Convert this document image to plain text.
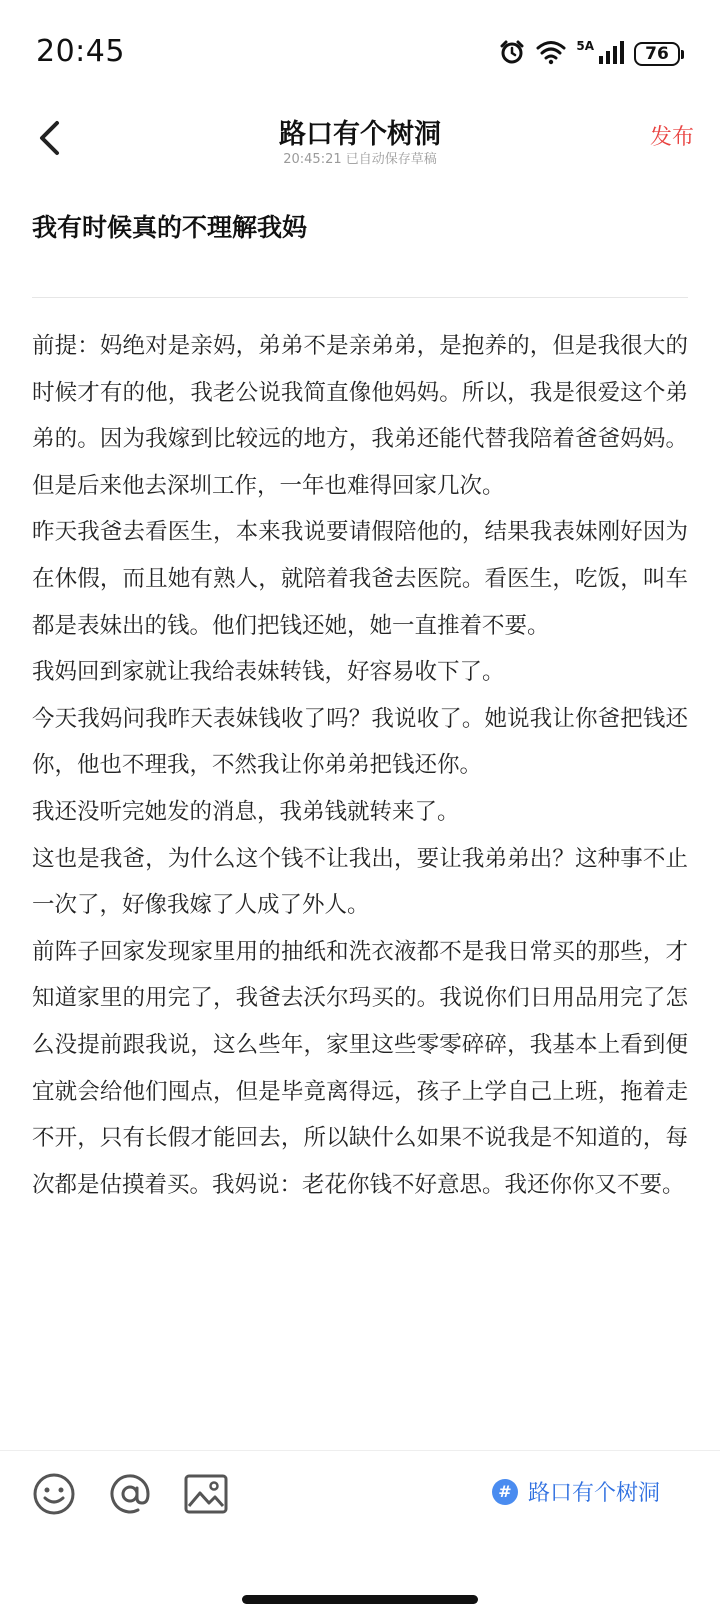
20:45	5A	76
路口有个树洞
20:45:21 已自动保存草稿
发布
我有时候真的不理解我妈

前提：妈绝对是亲妈，弟弟不是亲弟弟，是抱养的，但是我很大的时候才有的他，我老公说我简直像他妈妈。所以，我是很爱这个弟弟的。因为我嫁到比较远的地方，我弟还能代替我陪着爸爸妈妈。但是后来他去深圳工作，一年也难得回家几次。

昨天我爸去看医生，本来我说要请假陪他的，结果我表妹刚好因为在休假，而且她有熟人，就陪着我爸去医院。看医生，吃饭，叫车都是表妹出的钱。他们把钱还她，她一直推着不要。

我妈回到家就让我给表妹转钱，好容易收下了。

今天我妈问我昨天表妹钱收了吗？我说收了。她说我让你爸把钱还你，他也不理我，不然我让你弟弟把钱还你。

我还没听完她发的消息，我弟钱就转来了。

这也是我爸，为什么这个钱不让我出，要让我弟弟出？这种事不止一次了，好像我嫁了人成了外人。

前阵子回家发现家里用的抽纸和洗衣液都不是我日常买的那些，才知道家里的用完了，我爸去沃尔玛买的。我说你们日用品用完了怎么没提前跟我说，这么些年，家里这些零零碎碎，我基本上看到便宜就会给他们囤点，但是毕竟离得远，孩子上学自己上班，拖着走不开，只有长假才能回去，所以缺什么如果不说我是不知道的，每次都是估摸着买。我妈说：老花你钱不好意思。我还你你又不要。

# 路口有个树洞
